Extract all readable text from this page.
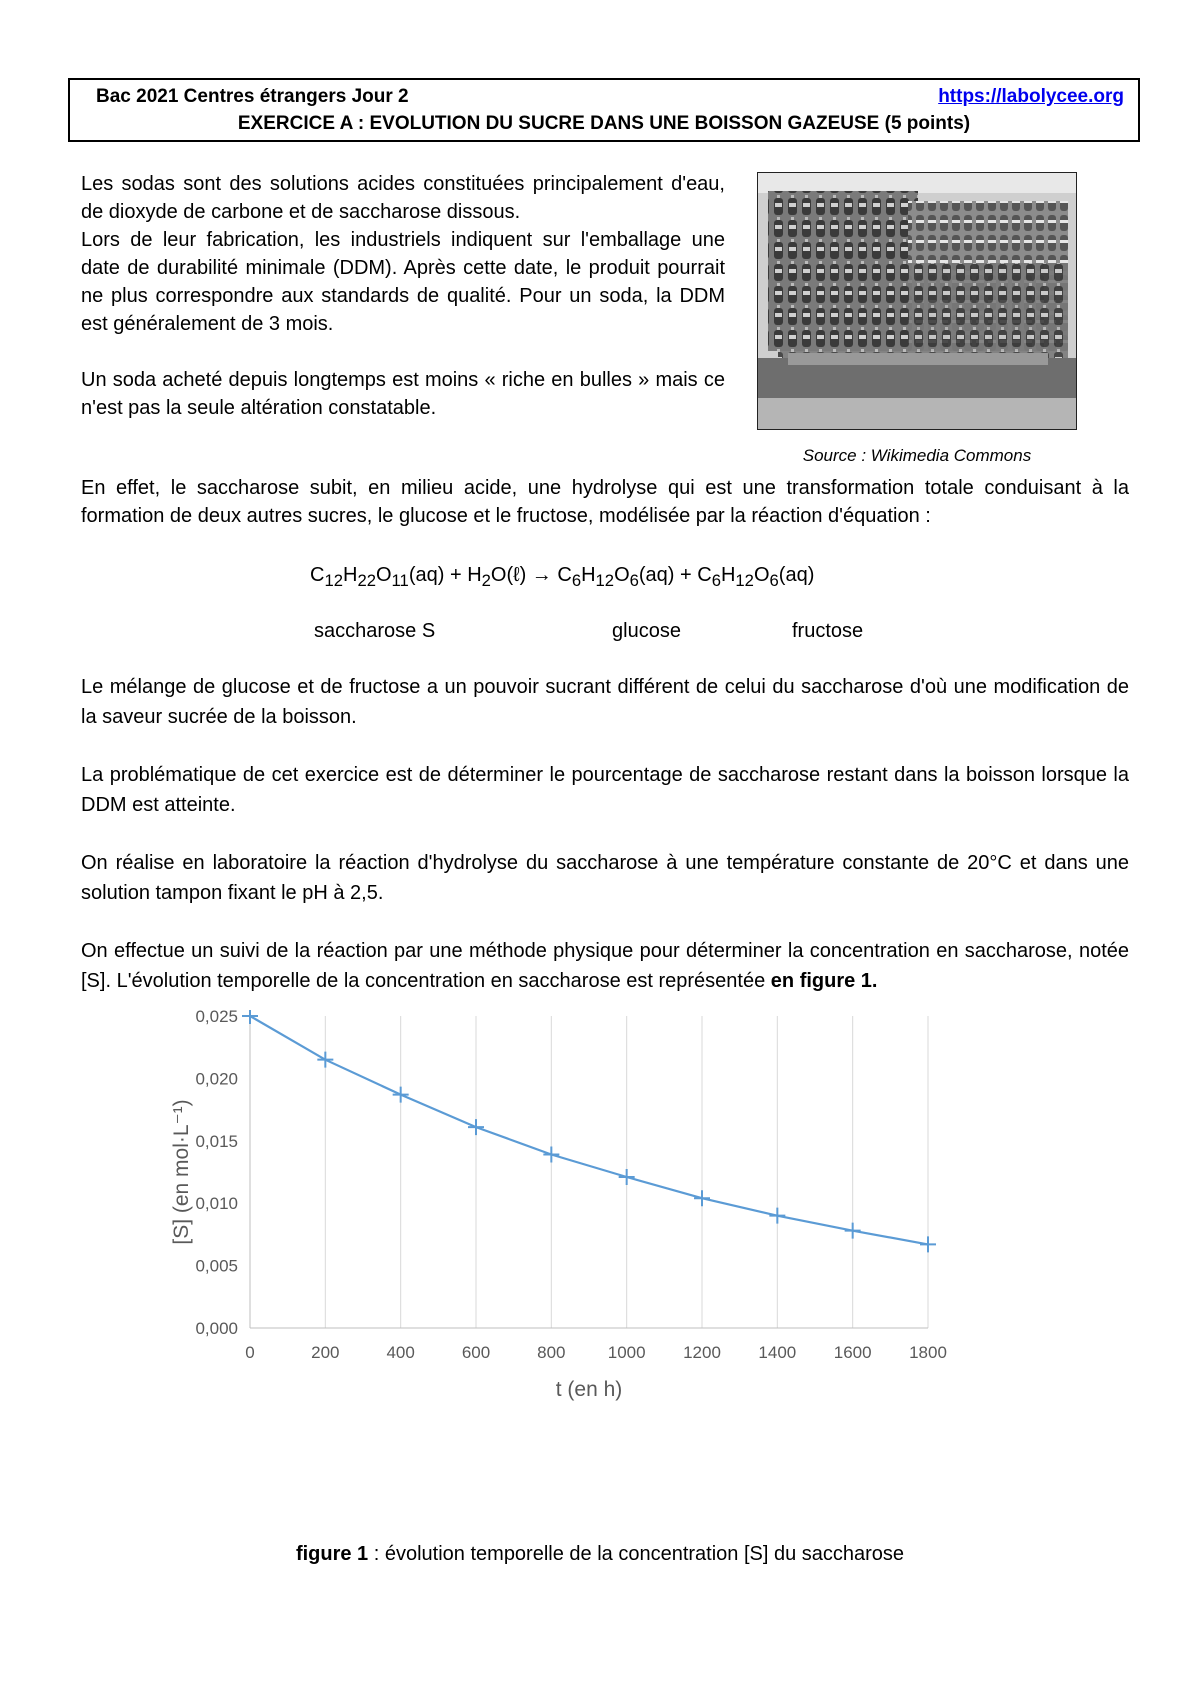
Bac 2021 Centres étrangers Jour 2	https://labolycee.org
EXERCICE A : EVOLUTION DU SUCRE DANS UNE BOISSON GAZEUSE (5 points)

Les sodas sont des solutions acides constituées principalement d'eau, de dioxyde de carbone et de saccharose dissous.

Lors de leur fabrication, les industriels indiquent sur l'emballage une date de durabilité minimale (DDM). Après cette date, le produit pourrait ne plus correspondre aux standards de qualité. Pour un soda, la DDM est généralement de 3 mois.

Un soda acheté depuis longtemps est moins « riche en bulles » mais ce n'est pas la seule altération constatable.

Source : Wikimedia Commons

En effet, le saccharose subit, en milieu acide, une hydrolyse qui est une transformation totale conduisant à la formation de deux autres sucres, le glucose et le fructose, modélisée par la réaction d'équation :

$C_{12}H_{22}O_{11}(aq)$ + $H_2O(\ell) \to C_6H_{12}O_6(aq) + C_6H_{12}O_6(aq)$
saccharose S	glucose	fructose
Le mélange de glucose et de fructose a un pouvoir sucrant différent de celui du saccharose d'où une modification de la saveur sucrée de la boisson.
La problématique de cet exercice est de déterminer le pourcentage de saccharose restant dans la boisson lorsque la DDM est atteinte.
On réalise en laboratoire la réaction d'hydrolyse du saccharose à une température constante de 20°C et dans une solution tampon fixant le pH à 2,5.
On effectue un suivi de la réaction par une méthode physique pour déterminer la concentration en saccharose, notée [S]. L'évolution temporelle de la concentration en saccharose est représentée en figure 1.
0	200	400	600	800 1000 1200 1400 1600 1800
0,000
0,005
0,010
0,015
0,020
0,025
t (en h)
[S] (en mol·L⁻¹)
figure 1 : évolution temporelle de la concentration [S] du saccharose
